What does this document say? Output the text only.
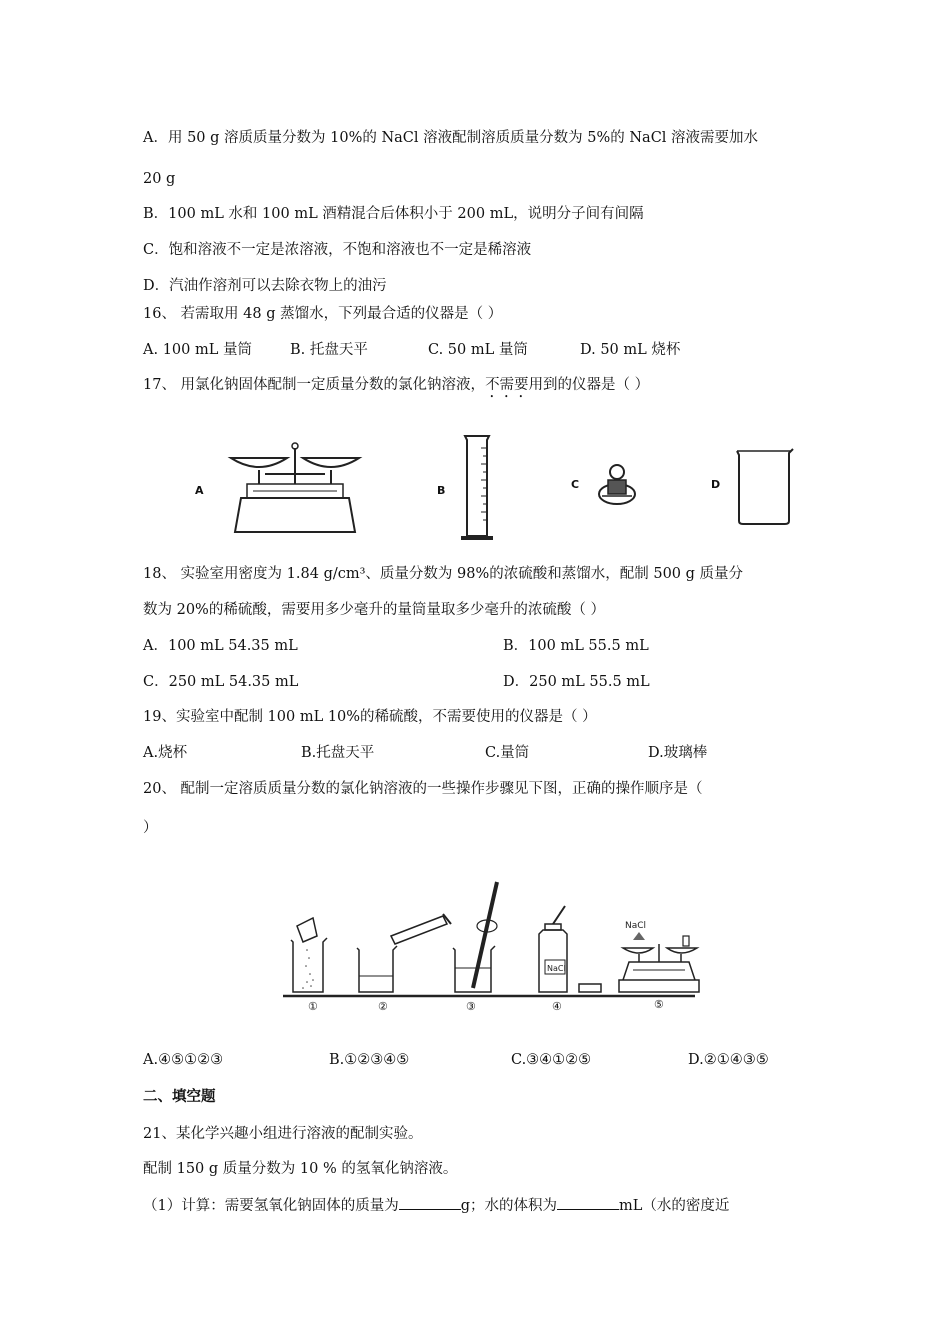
A．用 50 g 溶质质量分数为 10%的 NaCl 溶液配制溶质质量分数为 5%的 NaCl 溶液需要加水
20 g
B．100 mL 水和 100 mL 酒精混合后体积小于 200 mL，说明分子间有间隔
C．饱和溶液不一定是浓溶液，不饱和溶液也不一定是稀溶液
D．汽油作溶剂可以去除衣物上的油污
16、 若需取用 48 g 蒸馏水，下列最合适的仪器是（ ）
A. 100 mL 量筒	B. 托盘天平	C. 50 mL 量筒	D. 50 mL 烧杯
17、 用氯化钠固体配制一定质量分数的氯化钠溶液，不需要用到的仪器是（ ）
A	B	C	D
18、 实验室用密度为 1.84 g/cm³、质量分数为 98%的浓硫酸和蒸馏水，配制 500 g 质量分
数为 20%的稀硫酸，需要用多少毫升的量筒量取多少毫升的浓硫酸（ ）
A．100 mL 54.35 mL	B．100 mL 55.5 mL
C．250 mL 54.35 mL	D．250 mL 55.5 mL
19、实验室中配制 100 mL 10%的稀硫酸，不需要使用的仪器是（ ）
A.烧杯	B.托盘天平	C.量筒	D.玻璃棒
20、 配制一定溶质质量分数的氯化钠溶液的一些操作步骤见下图，正确的操作顺序是（
）
NaCl
NaCl
①	②	③	④	⑤
A.④⑤①②③	B.①②③④⑤	C.③④①②⑤	D.②①④③⑤
二、填空题
21、某化学兴趣小组进行溶液的配制实验。
配制 150 g 质量分数为 10 % 的氢氧化钠溶液。
（1）计算：需要氢氧化钠固体的质量为	g；水的体积为	mL（水的密度近
